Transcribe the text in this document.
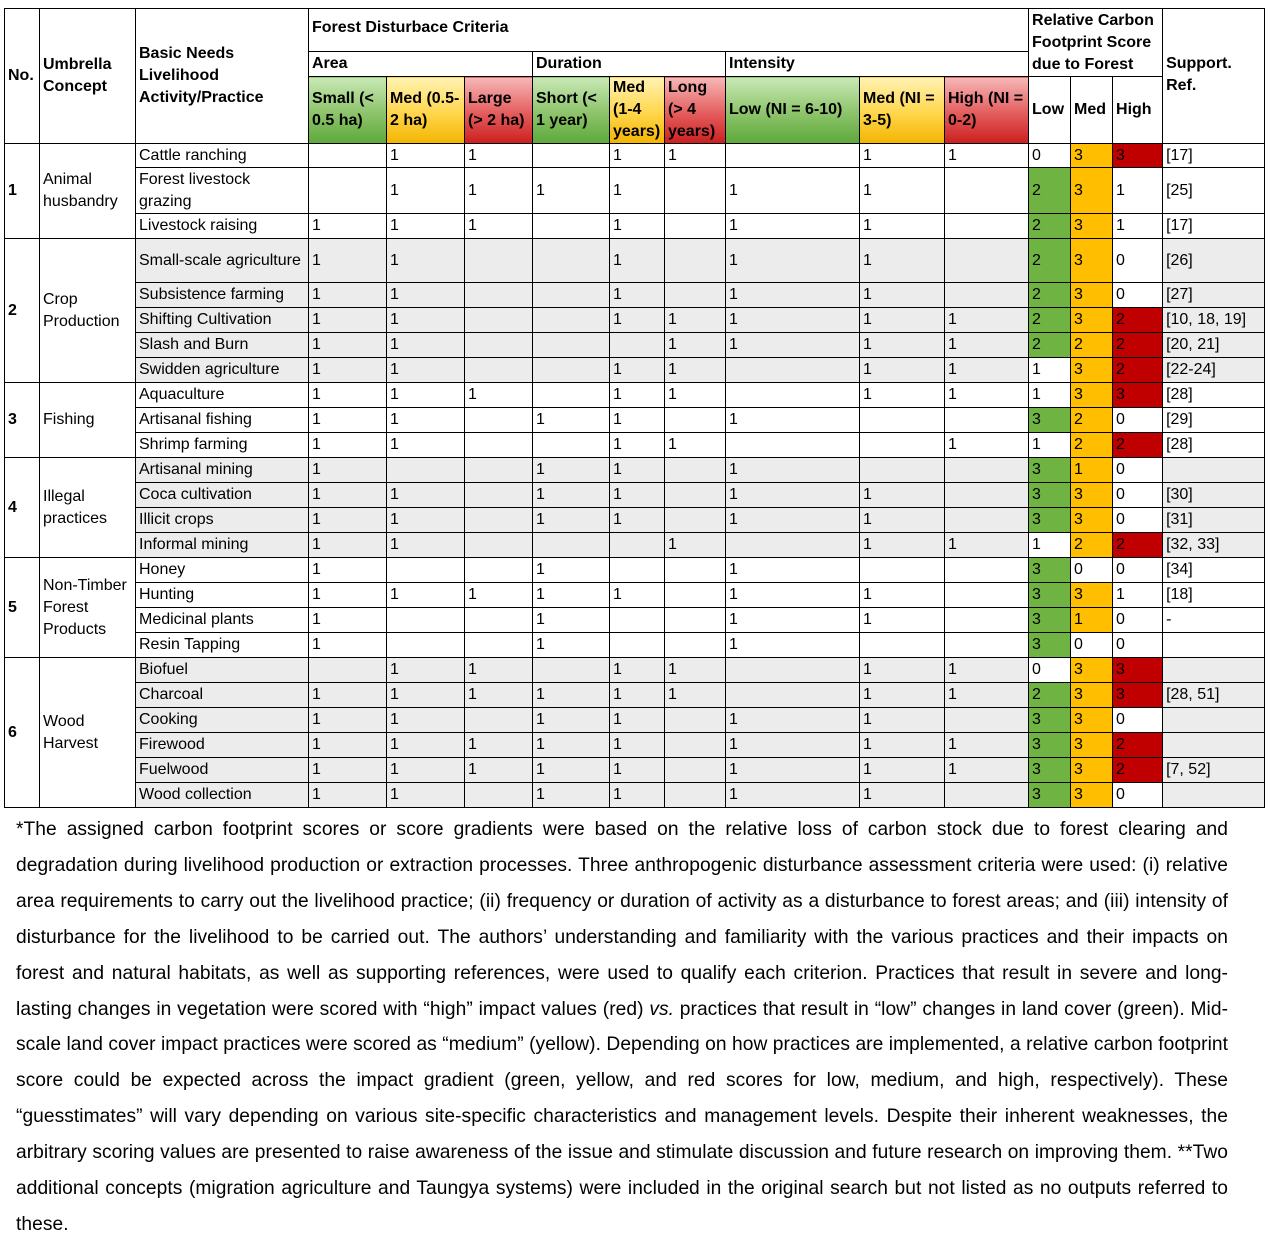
No.	Umbrella Concept	Basic Needs Livelihood Activity/Practice	Forest Disturbace Criteria									Relative Carbon Footprint Score due to Forest			Support. Ref.
			Area			Duration			Intensity						
			Small (< 0.5 ha)	Med (0.5-2 ha)	Large (> 2 ha)	Short (< 1 year)	Med (1-4 years)	Long (> 4 years)	Low (NI = 6-10)	Med (NI = 3-5)	High (NI = 0-2)	Low	Med	High	
1	Animal husbandry	Cattle ranching		1	1		1	1		1	1	0	3	3	[17]
		Forest livestock grazing		1	1	1	1		1	1		2	3	1	[25]
		Livestock raising	1	1	1		1		1	1		2	3	1	[17]
2	Crop Production	Small-scale agriculture	1	1			1		1	1		2	3	0	[26]
		Subsistence farming	1	1			1		1	1		2	3	0	[27]
		Shifting Cultivation	1	1			1	1	1	1	1	2	3	2	[10, 18, 19]
		Slash and Burn	1	1				1	1	1	1	2	2	2	[20, 21]
		Swidden agriculture	1	1			1	1		1	1	1	3	2	[22-24]
3	Fishing	Aquaculture	1	1	1		1	1		1	1	1	3	3	[28]
		Artisanal fishing	1	1		1	1		1			3	2	0	[29]
		Shrimp farming	1	1			1	1			1	1	2	2	[28]
4	Illegal practices	Artisanal mining	1			1	1		1			3	1	0	
		Coca cultivation	1	1		1	1		1	1		3	3	0	[30]
		Illicit crops	1	1		1	1		1	1		3	3	0	[31]
		Informal mining	1	1				1		1	1	1	2	2	[32, 33]
5	Non-Timber Forest Products	Honey	1			1			1			3	0	0	[34]
		Hunting	1	1	1	1	1		1	1		3	3	1	[18]
		Medicinal plants	1			1			1	1		3	1	0	-
		Resin Tapping	1			1			1			3	0	0	
6	Wood Harvest	Biofuel		1	1		1	1		1	1	0	3	3	
		Charcoal	1	1	1	1	1	1		1	1	2	3	3	[28, 51]
		Cooking	1	1		1	1		1	1		3	3	0	
		Firewood	1	1	1	1	1		1	1	1	3	3	2	
		Fuelwood	1	1	1	1	1		1	1	1	3	3	2	[7, 52]
		Wood collection	1	1		1	1		1	1		3	3	0	

*The assigned carbon footprint scores or score gradients were based on the relative loss of carbon stock due to forest clearing and degradation during livelihood production or extraction processes. Three anthropogenic disturbance assessment criteria were used: (i) relative area requirements to carry out the livelihood practice; (ii) frequency or duration of activity as a disturbance to forest areas; and (iii) intensity of disturbance for the livelihood to be carried out. The authors’ understanding and familiarity with the various practices and their impacts on forest and natural habitats, as well as supporting references, were used to qualify each criterion. Practices that result in severe and long-lasting changes in vegetation were scored with “high” impact values (red) vs. practices that result in “low” changes in land cover (green). Mid-scale land cover impact practices were scored as “medium” (yellow). Depending on how practices are implemented, a relative carbon footprint score could be expected across the impact gradient (green, yellow, and red scores for low, medium, and high, respectively). These “guesstimates” will vary depending on various site-specific characteristics and management levels. Despite their inherent weaknesses, the arbitrary scoring values are presented to raise awareness of the issue and stimulate discussion and future research on improving them. **Two additional concepts (migration agriculture and Taungya systems) were included in the original search but not listed as no outputs referred to these.
